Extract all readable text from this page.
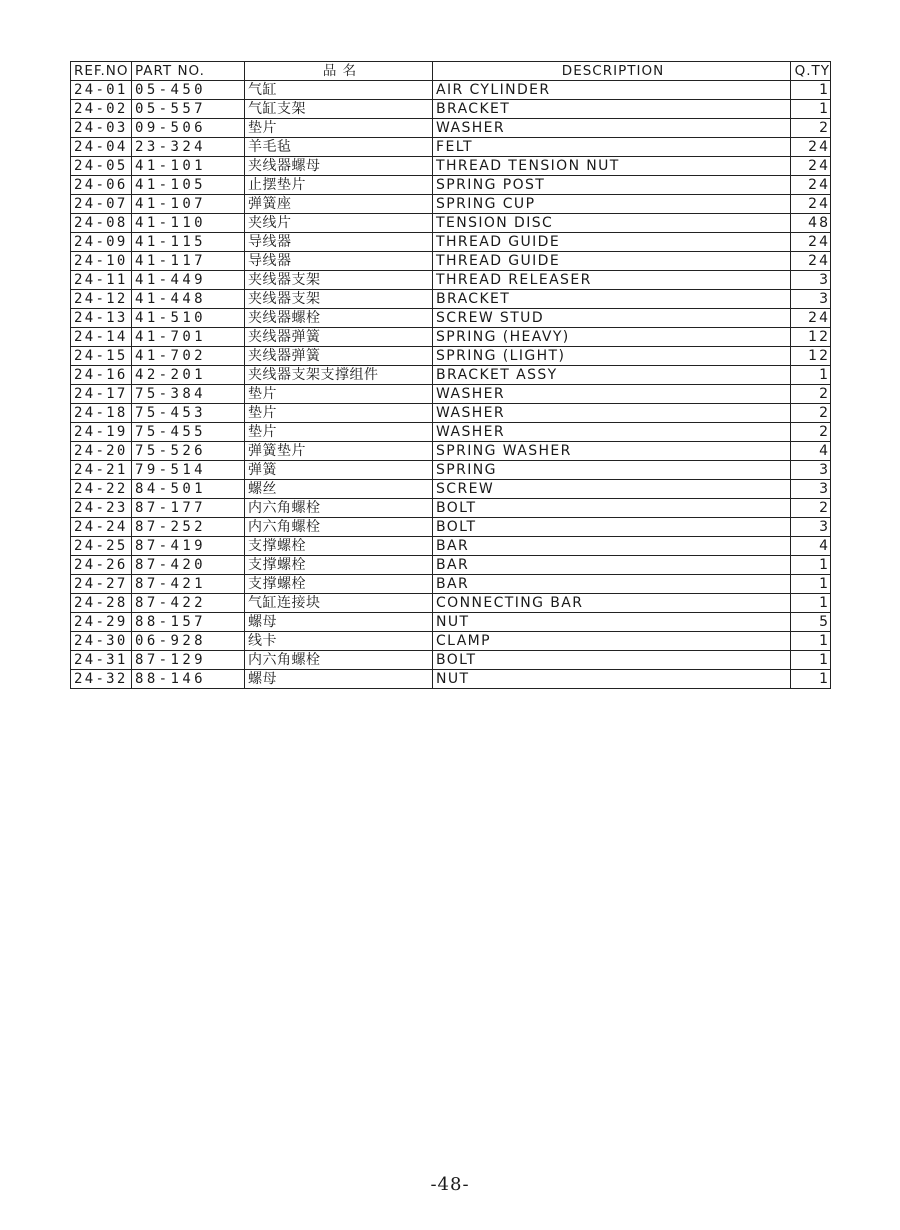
REF.NO	PART NO.	品 名	DESCRIPTION	Q.TY
24-01	05-450	气缸	AIR CYLINDER	1
24-02	05-557	气缸支架	BRACKET	1
24-03	09-506	垫片	WASHER	2
24-04	23-324	羊毛毡	FELT	24
24-05	41-101	夹线器螺母	THREAD TENSION NUT	24
24-06	41-105	止摆垫片	SPRING POST	24
24-07	41-107	弹簧座	SPRING CUP	24
24-08	41-110	夹线片	TENSION DISC	48
24-09	41-115	导线器	THREAD GUIDE	24
24-10	41-117	导线器	THREAD GUIDE	24
24-11	41-449	夹线器支架	THREAD RELEASER	3
24-12	41-448	夹线器支架	BRACKET	3
24-13	41-510	夹线器螺栓	SCREW STUD	24
24-14	41-701	夹线器弹簧	SPRING (HEAVY)	12
24-15	41-702	夹线器弹簧	SPRING (LIGHT)	12
24-16	42-201	夹线器支架支撑组件	BRACKET ASSY	1
24-17	75-384	垫片	WASHER	2
24-18	75-453	垫片	WASHER	2
24-19	75-455	垫片	WASHER	2
24-20	75-526	弹簧垫片	SPRING WASHER	4
24-21	79-514	弹簧	SPRING	3
24-22	84-501	螺丝	SCREW	3
24-23	87-177	内六角螺栓	BOLT	2
24-24	87-252	内六角螺栓	BOLT	3
24-25	87-419	支撑螺栓	BAR	4
24-26	87-420	支撑螺栓	BAR	1
24-27	87-421	支撑螺栓	BAR	1
24-28	87-422	气缸连接块	CONNECTING BAR	1
24-29	88-157	螺母	NUT	5
24-30	06-928	线卡	CLAMP	1
24-31	87-129	内六角螺栓	BOLT	1
24-32	88-146	螺母	NUT	1
-48-
